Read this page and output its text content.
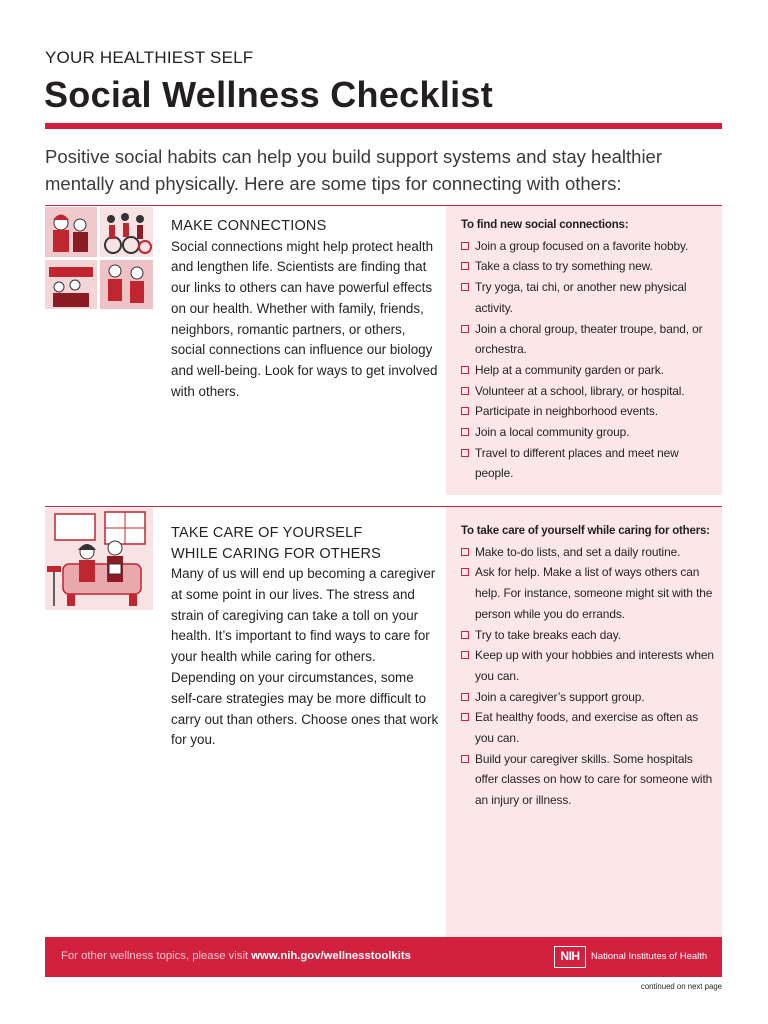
YOUR HEALTHIEST SELF
Social Wellness Checklist
Positive social habits can help you build support systems and stay healthier mentally and physically. Here are some tips for connecting with others:
MAKE CONNECTIONS
Social connections might help protect health and lengthen life. Scientists are finding that our links to others can have powerful effects on our health. Whether with family, friends, neighbors, romantic partners, or others, social connections can influence our biology and well-being. Look for ways to get involved with others.
To find new social connections:
Join a group focused on a favorite hobby.
Take a class to try something new.
Try yoga, tai chi, or another new physical activity.
Join a choral group, theater troupe, band, or orchestra.
Help at a community garden or park.
Volunteer at a school, library, or hospital.
Participate in neighborhood events.
Join a local community group.
Travel to different places and meet new people.
TAKE CARE OF YOURSELF
WHILE CARING FOR OTHERS
Many of us will end up becoming a caregiver at some point in our lives. The stress and strain of caregiving can take a toll on your health. It’s important to find ways to care for your health while caring for others. Depending on your circumstances, some self-care strategies may be more difficult to carry out than others. Choose ones that work for you.
To take care of yourself while caring for others:
Make to-do lists, and set a daily routine.
Ask for help. Make a list of ways others can help. For instance, someone might sit with the person while you do errands.
Try to take breaks each day.
Keep up with your hobbies and interests when you can.
Join a caregiver’s support group.
Eat healthy foods, and exercise as often as you can.
Build your caregiver skills. Some hospitals offer classes on how to care for someone with an injury or illness.
For other wellness topics, please visit www.nih.gov/wellnesstoolkits	NIH	National Institutes of Health
continued on next page
